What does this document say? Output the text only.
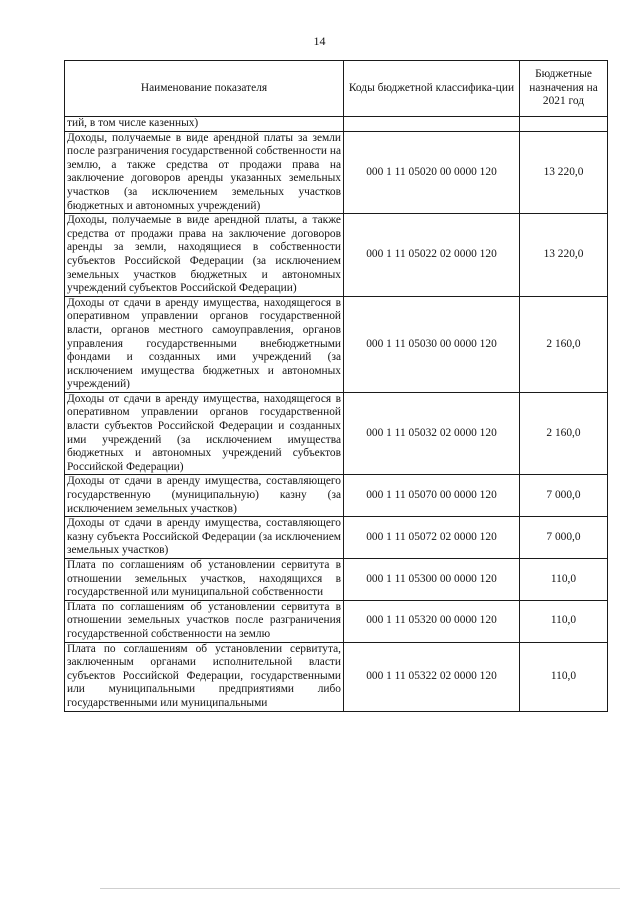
14
Наименование показателя	Коды бюджетной классифика-ции	Бюджетные назначения на 2021 год
тий, в том числе казенных)		
Доходы, получаемые в виде арендной платы за земли после разграничения государственной собственности на землю, а также средства от продажи права на заключение договоров аренды указанных земельных участков (за исключением земельных участков бюджетных и автономных учреждений)	000 1 11 05020 00 0000 120	13 220,0
Доходы, получаемые в виде арендной платы, а также средства от продажи права на заключение договоров аренды за земли, находящиеся в собственности субъектов Российской Федерации (за исключением земельных участков бюджетных и автономных учреждений субъектов Российской Федерации)	000 1 11 05022 02 0000 120	13 220,0
Доходы от сдачи в аренду имущества, находящегося в оперативном управлении органов государственной власти, органов местного самоуправления, органов управления государственными внебюджетными фондами и созданных ими учреждений (за исключением имущества бюджетных и автономных учреждений)	000 1 11 05030 00 0000 120	2 160,0
Доходы от сдачи в аренду имущества, находящегося в оперативном управлении органов государственной власти субъектов Российской Федерации и созданных ими учреждений (за исключением имущества бюджетных и автономных учреждений субъектов Российской Федерации)	000 1 11 05032 02 0000 120	2 160,0
Доходы от сдачи в аренду имущества, составляющего государственную (муниципальную) казну (за исключением земельных участков)	000 1 11 05070 00 0000 120	7 000,0
Доходы от сдачи в аренду имущества, составляющего казну субъекта Российской Федерации (за исключением земельных участков)	000 1 11 05072 02 0000 120	7 000,0
Плата по соглашениям об установлении сервитута в отношении земельных участков, находящихся в государственной или муниципальной собственности	000 1 11 05300 00 0000 120	110,0
Плата по соглашениям об установлении сервитута в отношении земельных участков после разграничения государственной собственности на землю	000 1 11 05320 00 0000 120	110,0
Плата по соглашениям об установлении сервитута, заключенным органами исполнительной власти субъектов Российской Федерации, государственными или муниципальными предприятиями либо государственными или муниципальными	000 1 11 05322 02 0000 120	110,0
